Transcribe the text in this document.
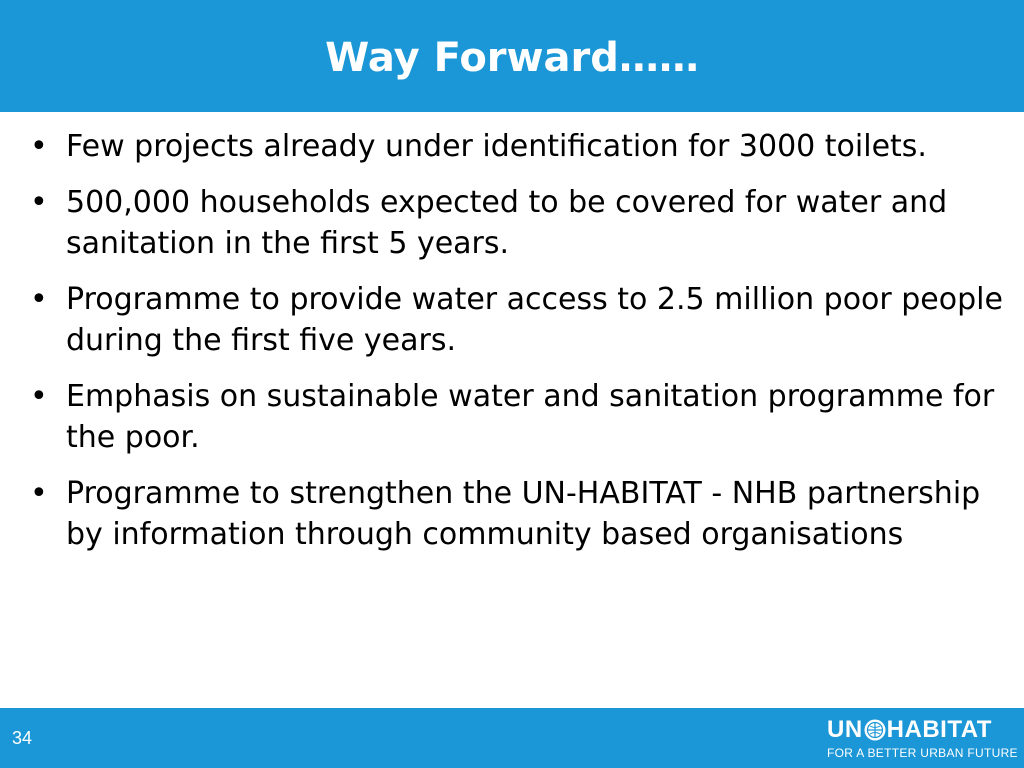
Way Forward……
• Few projects already under identification for 3000 toilets.
• 500,000 households expected to be covered for water and sanitation in the first 5 years.
• Programme to provide water access to 2.5 million poor people during the first five years.
• Emphasis on sustainable water and sanitation programme for the poor.
• Programme to strengthen the UN-HABITAT - NHB partnership by information through community based organisations
34	UN HABITAT
FOR A BETTER URBAN FUTURE
